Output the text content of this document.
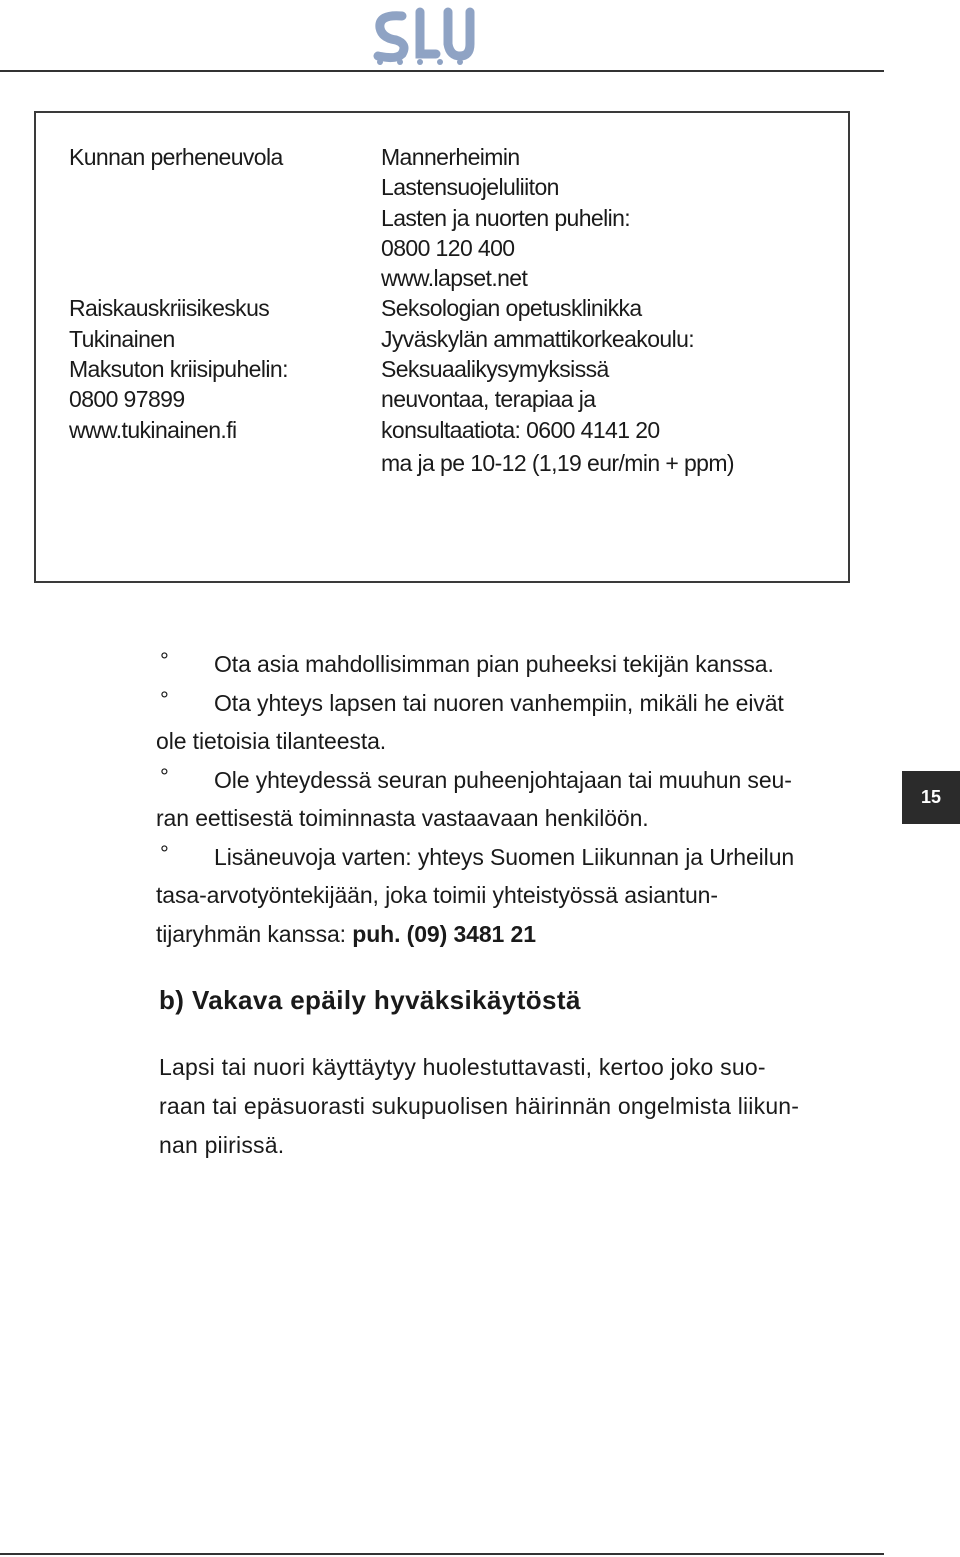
Kunnan perheneuvola
Raiskauskriisikeskus
Tukinainen
Maksuton kriisipuhelin:
0800 97899
www.tukinainen.fi
Mannerheimin
Lastensuojeluliiton
Lasten ja nuorten puhelin:
0800 120 400
www.lapset.net
Seksologian opetusklinikka
Jyväskylän ammattikorkeakoulu:
Seksuaalikysymyksissä
neuvontaa, terapiaa ja
konsultaatiota: 0600 4141 20
ma ja pe 10-12 (1,19 eur/min + ppm)
° Ota asia mahdollisimman pian puheeksi tekijän kanssa.
° Ota yhteys lapsen tai nuoren vanhempiin, mikäli he eivät
ole tietoisia tilanteesta.
° Ole yhteydessä seuran puheenjohtajaan tai muuhun seu-
ran eettisestä toiminnasta vastaavaan henkilöön.
° Lisäneuvoja varten: yhteys Suomen Liikunnan ja Urheilun
tasa-arvotyöntekijään, joka toimii yhteistyössä asiantun-
tijaryhmän kanssa: puh. (09) 3481 21
b) Vakava epäily hyväksikäytöstä
Lapsi tai nuori käyttäytyy huolestuttavasti, kertoo joko suo-
raan tai epäsuorasti sukupuolisen häirinnän ongelmista liikun-
nan piirissä.
15
